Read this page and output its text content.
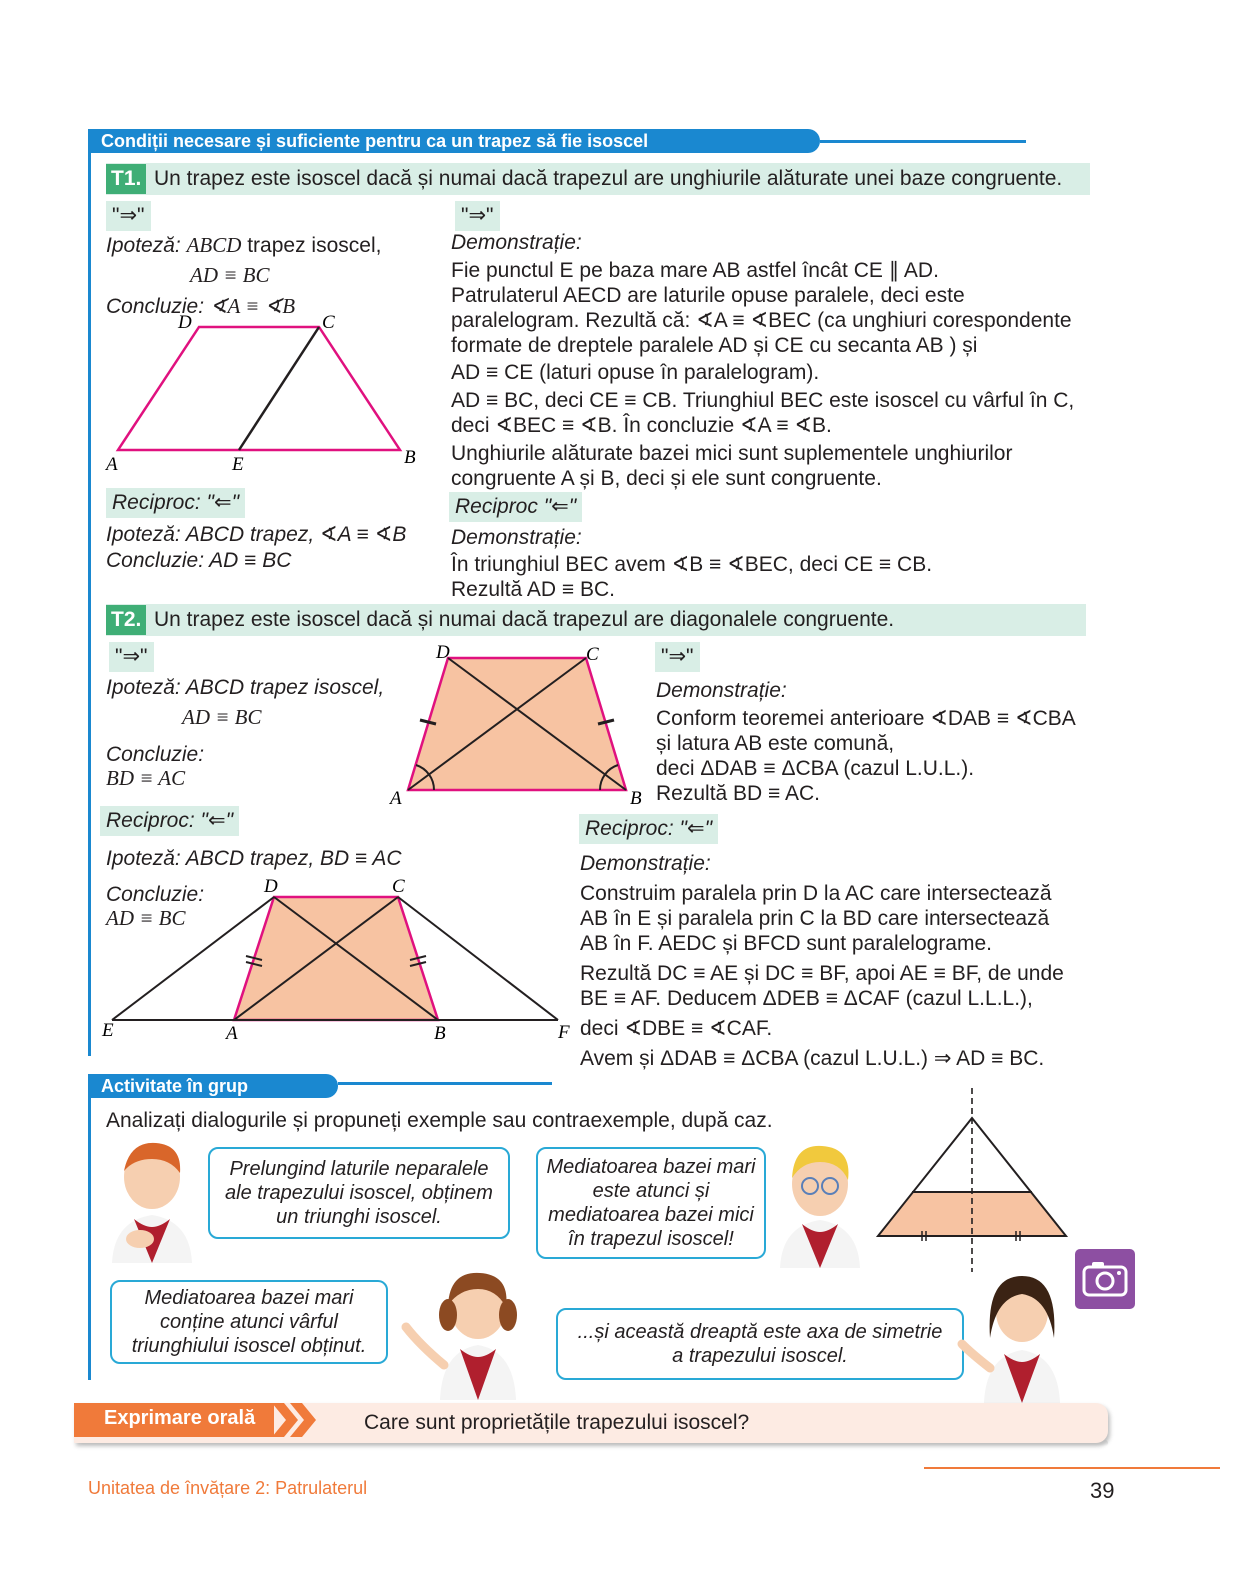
Condiții necesare și suficiente pentru ca un trapez să fie isoscel
T1. Un trapez este isoscel dacă și numai dacă trapezul are unghiurile alăturate unei baze congruente.
"⇒"
Ipoteză: ABCD trapez isoscel,
AD ≡ BC
Concluzie: ∢A ≡ ∢B
D	C
A	E	B
Reciproc: "⇐"
Ipoteză: ABCD trapez, ∢A ≡ ∢B
Concluzie: AD ≡ BC
"⇒"
Demonstrație:
Fie punctul E pe baza mare AB astfel încât CE ∥ AD.
Patrulaterul AECD are laturile opuse paralele, deci este
paralelogram. Rezultă că: ∢A ≡ ∢BEC (ca unghiuri corespondente
formate de dreptele paralele AD și CE cu secanta AB ) și
AD ≡ CE (laturi opuse în paralelogram).
AD ≡ BC, deci CE ≡ CB. Triunghiul BEC este isoscel cu vârful în C,
deci ∢BEC ≡ ∢B. În concluzie ∢A ≡ ∢B.
Unghiurile alăturate bazei mici sunt suplementele unghiurilor
congruente A și B, deci și ele sunt congruente.
Reciproc "⇐"
Demonstrație:
În triunghiul BEC avem ∢B ≡ ∢BEC, deci CE ≡ CB.
Rezultă AD ≡ BC.
T2. Un trapez este isoscel dacă și numai dacă trapezul are diagonalele congruente.
"⇒"
Ipoteză: ABCD trapez isoscel,
AD ≡ BC
Concluzie:
BD ≡ AC
D	C
A	B
"⇒"
Demonstrație:
Conform teoremei anterioare ∢DAB ≡ ∢CBA
și latura AB este comună,
deci ΔDAB ≡ ΔCBA (cazul L.U.L.).
Rezultă BD ≡ AC.
Reciproc: "⇐"
Ipoteză: ABCD trapez, BD ≡ AC
Concluzie:
AD ≡ BC
D	C
E	A	B	F
Reciproc: "⇐"
Demonstrație:
Construim paralela prin D la AC care intersectează
AB în E și paralela prin C la BD care intersectează
AB în F. AEDC și BFCD sunt paralelograme.
Rezultă DC ≡ AE și DC ≡ BF, apoi AE ≡ BF, de unde
BE ≡ AF. Deducem ΔDEB ≡ ΔCAF (cazul L.L.L.),
deci ∢DBE ≡ ∢CAF.
Avem și ΔDAB ≡ ΔCBA (cazul L.U.L.) ⇒ AD ≡ BC.
Activitate în grup
Analizați dialogurile și propuneți exemple sau contraexemple, după caz.
Prelungind laturile neparalele ale trapezului isoscel, obținem un triunghi isoscel.
Mediatoarea bazei mari este atunci și mediatoarea bazei mici în trapezul isoscel!
Mediatoarea bazei mari conține atunci vârful triunghiului isoscel obținut.
...și această dreaptă este axa de simetrie a trapezului isoscel.
Exprimare orală	Care sunt proprietățile trapezului isoscel?
Unitatea de învățare 2: Patrulaterul	39
